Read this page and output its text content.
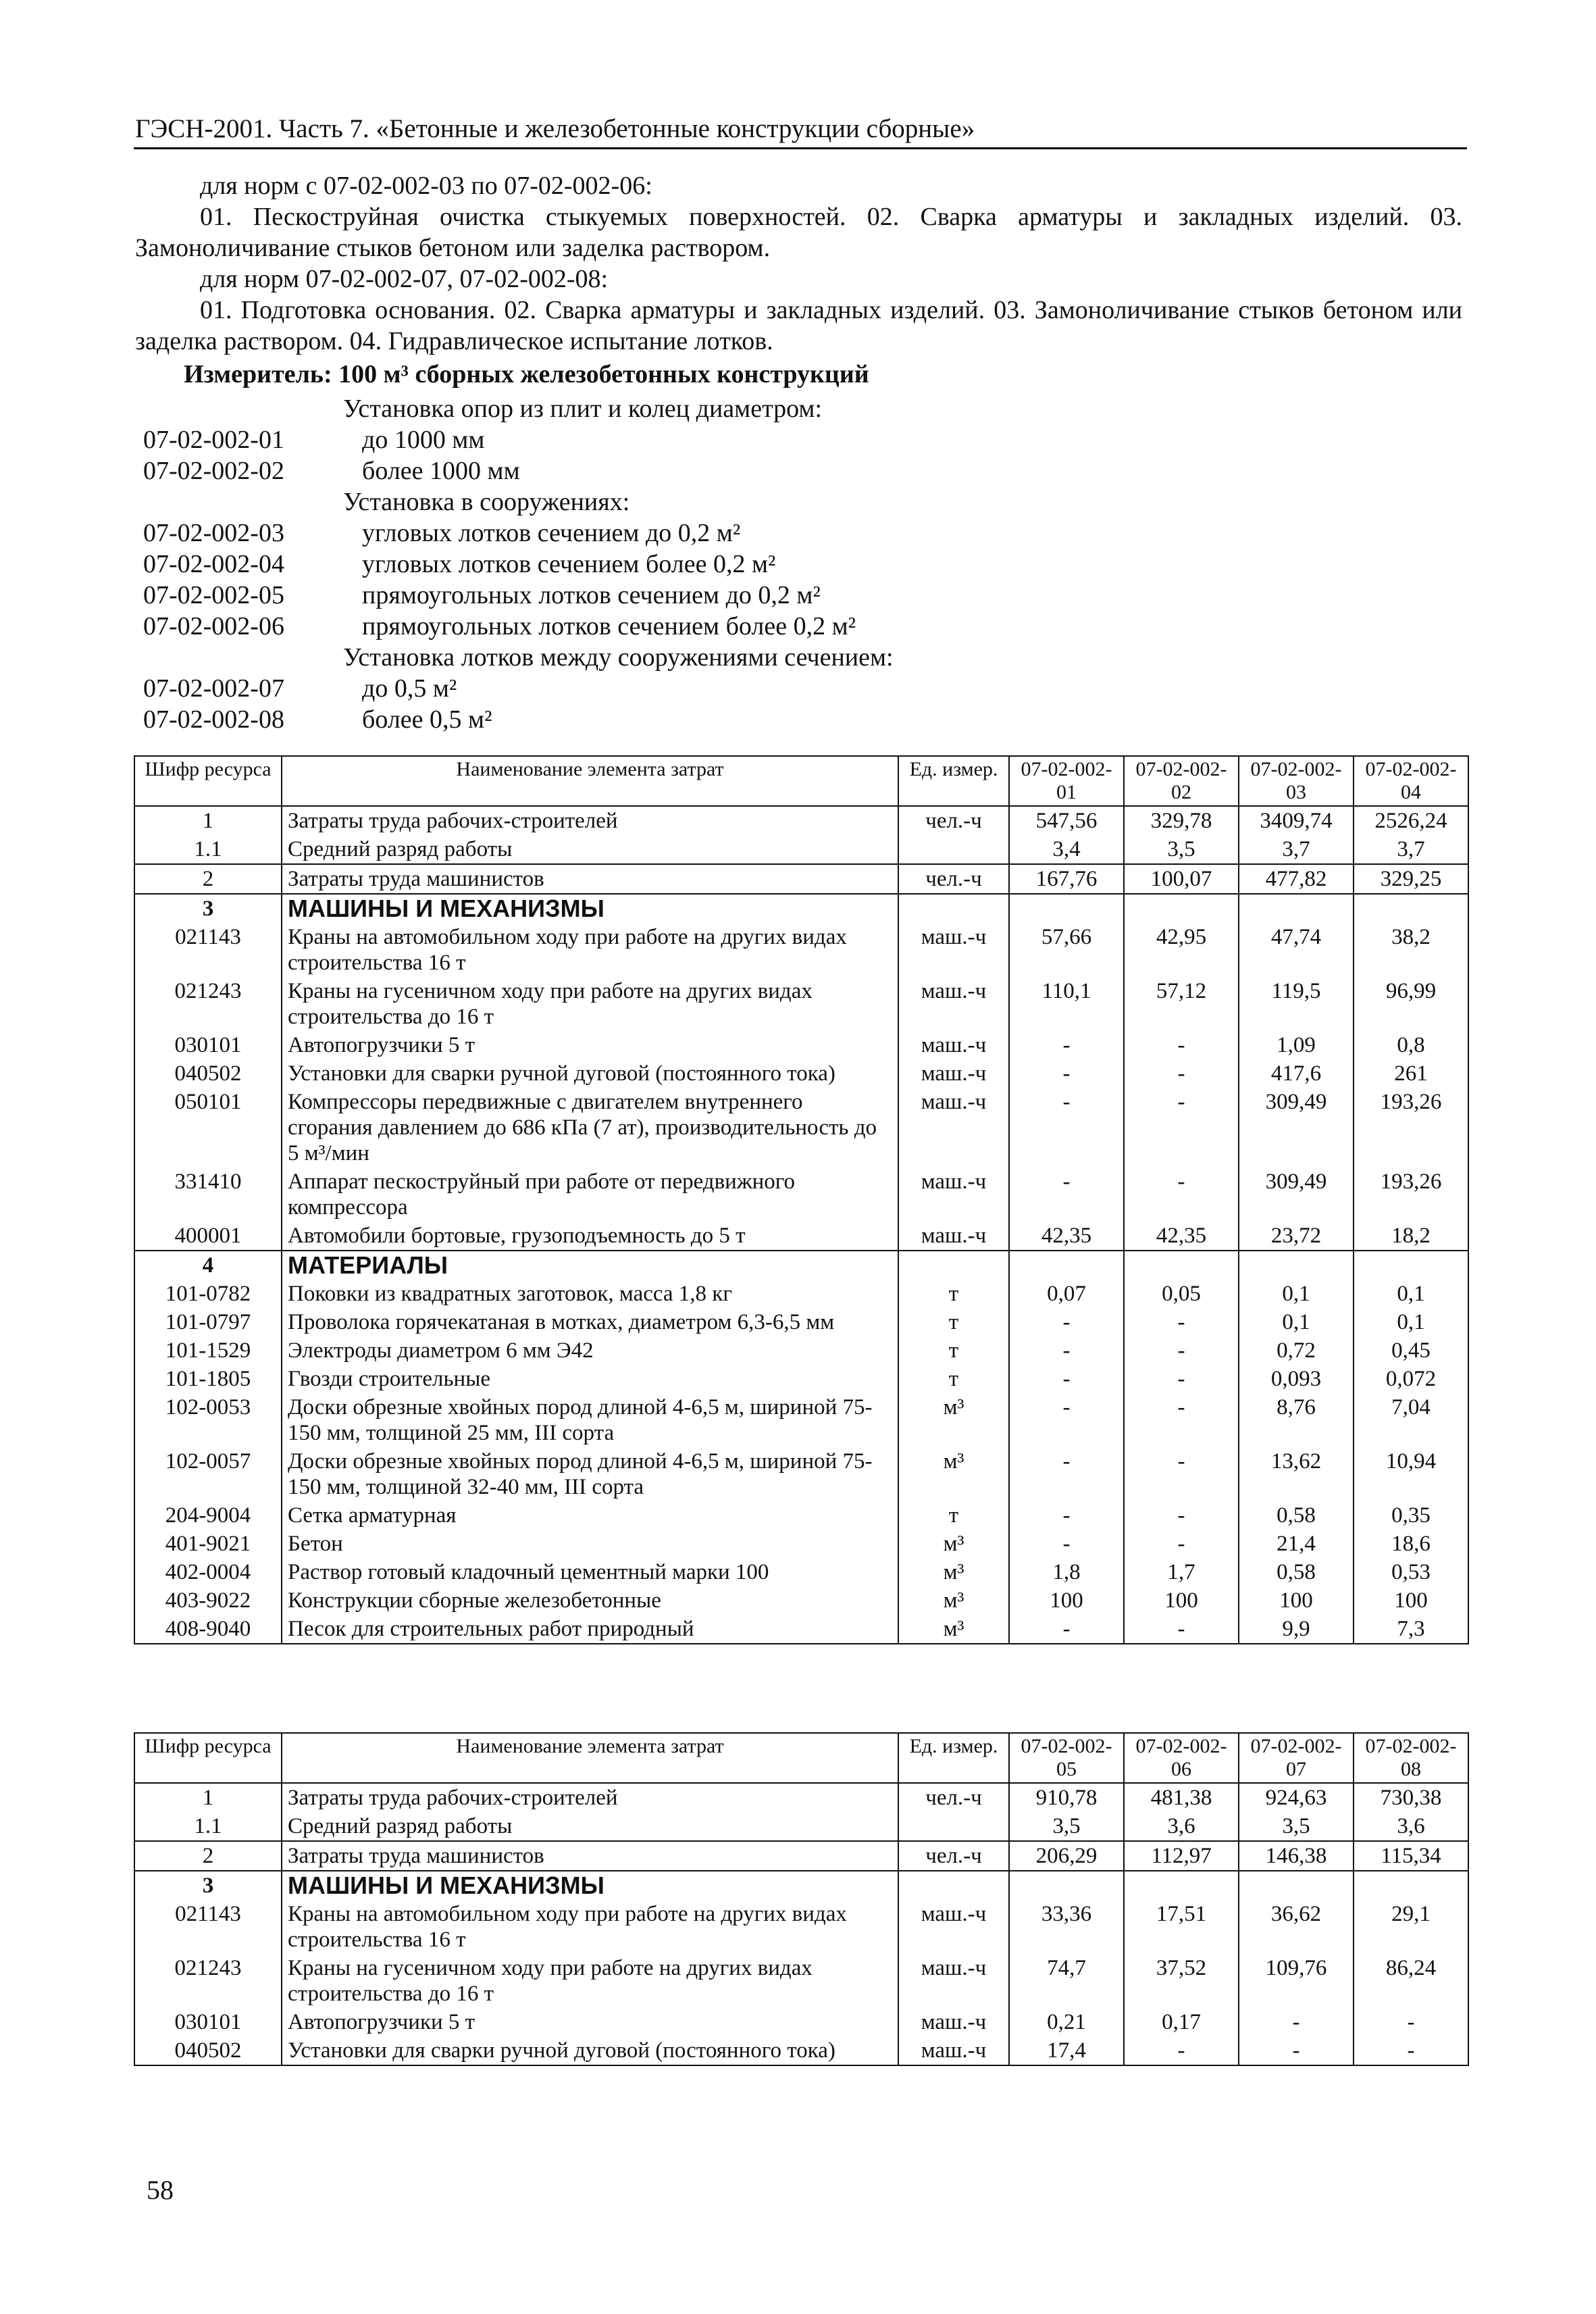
ГЭСН-2001. Часть 7. «Бетонные и железобетонные конструкции сборные»

для норм с 07-02-002-03 по 07-02-002-06:

01. Пескоструйная очистка стыкуемых поверхностей. 02. Сварка арматуры и закладных изделий. 03. Замоноличивание стыков бетоном или заделка раствором.

для норм 07-02-002-07, 07-02-002-08:

01. Подготовка основания. 02. Сварка арматуры и закладных изделий. 03. Замоноличивание стыков бетоном или заделка раствором. 04. Гидравлическое испытание лотков.

Измеритель: 100 м³ сборных железобетонных конструкций
Установка опор из плит и колец диаметром:
07-02-002-01	до 1000 мм
07-02-002-02	более 1000 мм
Установка в сооружениях:
07-02-002-03	угловых лотков сечением до 0,2 м²
07-02-002-04	угловых лотков сечением более 0,2 м²
07-02-002-05	прямоугольных лотков сечением до 0,2 м²
07-02-002-06	прямоугольных лотков сечением более 0,2 м²
Установка лотков между сооружениями сечением:
07-02-002-07	до 0,5 м²
07-02-002-08	более 0,5 м²
Шифр ресурса	Наименование элемента затрат	Ед. измер.	07-02-002-01	07-02-002-02	07-02-002-03	07-02-002-04
1	Затраты труда рабочих-строителей	чел.-ч	547,56	329,78	3409,74	2526,24
1.1	Средний разряд работы		3,4	3,5	3,7	3,7
2	Затраты труда машинистов	чел.-ч	167,76	100,07	477,82	329,25
3	МАШИНЫ И МЕХАНИЗМЫ					
021143	Краны на автомобильном ходу при работе на других видах строительства 16 т	маш.-ч	57,66	42,95	47,74	38,2
021243	Краны на гусеничном ходу при работе на других видах строительства до 16 т	маш.-ч	110,1	57,12	119,5	96,99
030101	Автопогрузчики 5 т	маш.-ч	-	-	1,09	0,8
040502	Установки для сварки ручной дуговой (постоянного тока)	маш.-ч	-	-	417,6	261
050101	Компрессоры передвижные с двигателем внутреннего сгорания давлением до 686 кПа (7 ат), производительность до 5 м³/мин	маш.-ч	-	-	309,49	193,26
331410	Аппарат пескоструйный при работе от передвижного компрессора	маш.-ч	-	-	309,49	193,26
400001	Автомобили бортовые, грузоподъемность до 5 т	маш.-ч	42,35	42,35	23,72	18,2
4	МАТЕРИАЛЫ					
101-0782	Поковки из квадратных заготовок, масса 1,8 кг	т	0,07	0,05	0,1	0,1
101-0797	Проволока горячекатаная в мотках, диаметром 6,3-6,5 мм	т	-	-	0,1	0,1
101-1529	Электроды диаметром 6 мм Э42	т	-	-	0,72	0,45
101-1805	Гвозди строительные	т	-	-	0,093	0,072
102-0053	Доски обрезные хвойных пород длиной 4-6,5 м, шириной 75-150 мм, толщиной 25 мм, III сорта	м³	-	-	8,76	7,04
102-0057	Доски обрезные хвойных пород длиной 4-6,5 м, шириной 75-150 мм, толщиной 32-40 мм, III сорта	м³	-	-	13,62	10,94
204-9004	Сетка арматурная	т	-	-	0,58	0,35
401-9021	Бетон	м³	-	-	21,4	18,6
402-0004	Раствор готовый кладочный цементный марки 100	м³	1,8	1,7	0,58	0,53
403-9022	Конструкции сборные железобетонные	м³	100	100	100	100
408-9040	Песок для строительных работ природный	м³	-	-	9,9	7,3
Шифр ресурса	Наименование элемента затрат	Ед. измер.	07-02-002-05	07-02-002-06	07-02-002-07	07-02-002-08
1	Затраты труда рабочих-строителей	чел.-ч	910,78	481,38	924,63	730,38
1.1	Средний разряд работы		3,5	3,6	3,5	3,6
2	Затраты труда машинистов	чел.-ч	206,29	112,97	146,38	115,34
3	МАШИНЫ И МЕХАНИЗМЫ					
021143	Краны на автомобильном ходу при работе на других видах строительства 16 т	маш.-ч	33,36	17,51	36,62	29,1
021243	Краны на гусеничном ходу при работе на других видах строительства до 16 т	маш.-ч	74,7	37,52	109,76	86,24
030101	Автопогрузчики 5 т	маш.-ч	0,21	0,17	-	-
040502	Установки для сварки ручной дуговой (постоянного тока)	маш.-ч	17,4	-	-	-
58
